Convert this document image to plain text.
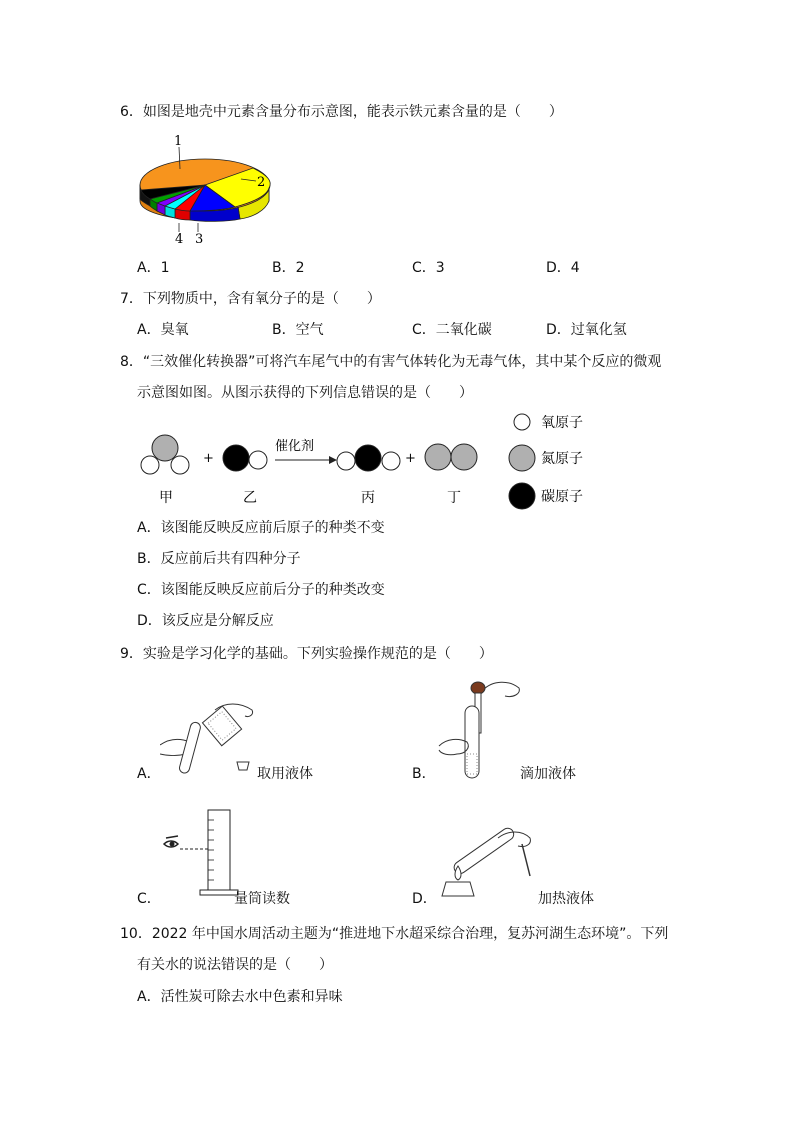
6．如图是地壳中元素含量分布示意图，能表示铁元素含量的是（　　）
1
2
3
4
A．1	B．2	C．3	D．4
7．下列物质中，含有氧分子的是（　　）
A．臭氧	B．空气	C．二氧化碳	D．过氧化氢
8．“三效催化转换器”可将汽车尾气中的有害气体转化为无毒气体，其中某个反应的微观
示意图如图。从图示获得的下列信息错误的是（　　）
+
催化剂
+
甲	乙	丙	丁
氧原子
氮原子
碳原子
A．该图能反映反应前后原子的种类不变
B．反应前后共有四种分子
C．该图能反映反应前后分子的种类改变
D．该反应是分解反应
9．实验是学习化学的基础。下列实验操作规范的是（　　）
A．	取用液体	B．	滴加液体
C．	量筒读数	D．	加热液体
10．2022 年中国水周活动主题为“推进地下水超采综合治理，复苏河湖生态环境”。下列
有关水的说法错误的是（　　）
A．活性炭可除去水中色素和异味
